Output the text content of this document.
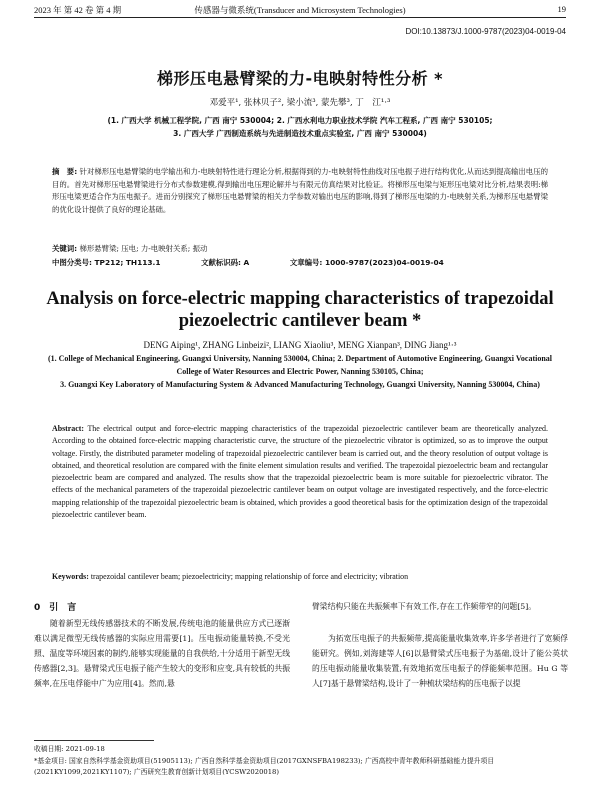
2023 年 第 42 卷 第 4 期	传感器与微系统(Transducer and Microsystem Technologies)	19
DOI:10.13873/J.1000-9787(2023)04-0019-04
梯形压电悬臂梁的力-电映射特性分析 *
邓爱平¹, 张林贝子², 梁小流³, 蒙先攀³, 丁　江¹·³
(1. 广西大学 机械工程学院, 广西 南宁 530004; 2. 广西水利电力职业技术学院 汽车工程系, 广西 南宁 530105;
3. 广西大学 广西制造系统与先进制造技术重点实验室, 广西 南宁 530004)
摘　要: 针对梯形压电悬臂梁的电学输出和力-电映射特性进行理论分析,根据得到的力-电映射特性曲线对压电振子进行结构优化,从而达到提高输出电压的目的。首先对梯形压电悬臂梁进行分布式参数建模,得到输出电压理论解并与有限元仿真结果对比验证。将梯形压电梁与矩形压电梁对比分析,结果表明:梯形压电梁更适合作为压电振子。进而分别探究了梯形压电悬臂梁的相关力学参数对输出电压的影响,得到了梯形压电梁的力-电映射关系,为梯形压电悬臂梁的优化设计提供了良好的理论基础。
关键词: 梯形悬臂梁; 压电; 力-电映射关系; 振动
中图分类号: TP212; TH113.1	文献标识码: A	文章编号: 1000-9787(2023)04-0019-04
Analysis on force-electric mapping characteristics of trapezoidal piezoelectric cantilever beam *
DENG Aiping¹, ZHANG Linbeizi², LIANG Xiaoliu³, MENG Xianpan³, DING Jiang¹·³
(1. College of Mechanical Engineering, Guangxi University, Nanning 530004, China; 2. Department of Automotive Engineering, Guangxi Vocational College of Water Resources and Electric Power, Nanning 530105, China;
3. Guangxi Key Laboratory of Manufacturing System & Advanced Manufacturing Technology, Guangxi University, Nanning 530004, China)
Abstract: The electrical output and force-electric mapping characteristics of the trapezoidal piezoelectric cantilever beam are theoretically analyzed. According to the obtained force-electric mapping characteristic curve, the structure of the piezoelectric vibrator is optimized, so as to improve the output voltage. Firstly, the distributed parameter modeling of trapezoidal piezoelectric cantilever beam is carried out, and the theory resolution of output voltage is obtained, and theoretical resolution are compared with the finite element simulation results and verified. The trapezoidal piezoelectric beam and rectangular piezoelectric beam are compared and analyzed. The results show that the trapezoidal piezoelectric beam is more suitable for piezoelectric vibrator. The effects of the mechanical parameters of the trapezoidal piezoelectric cantilever beam on output voltage are investigated respectively, and the force-electric mapping relationship of the trapezoidal piezoelectric beam is obtained, which provides a good theoretical basis for the optimization design of the trapezoidal piezoelectric cantilever beam.
Keywords: trapezoidal cantilever beam; piezoelectricity; mapping relationship of force and electricity; vibration
0　引　言
随着新型无线传感器技术的不断发展,传统电池的能量供应方式已逐渐难以满足微型无线传感器的实际应用需要[1]。压电振动能量转换,不受光照、温度等环境因素的制约,能够实现能量的自我供给,十分适用于新型无线传感器[2,3]。悬臂梁式压电振子能产生较大的变形和应变,具有较低的共振频率,在压电俘能中广为应用[4]。然而,悬
臂梁结构只能在共振频率下有效工作,存在工作频带窄的问题[5]。
为拓宽压电振子的共振频带,提高能量收集效率,许多学者进行了宽频俘能研究。例如,刘海建等人[6]以悬臂梁式压电振子为基础,设计了能公英状的压电振动能量收集装置,有效地拓宽压电振子的俘能频率范围。Hu G 等人[7]基于悬臂梁结构,设计了一种梳状梁结构的压电振子以提
收稿日期: 2021-09-18
*基金项目: 国家自然科学基金资助项目(51905113); 广西自然科学基金资助项目(2017GXNSFBA198233); 广西高校中青年教师科研基础能力提升项目(2021KY1099,2021KY1107); 广西研究生教育创新计划项目(YCSW2020018)
